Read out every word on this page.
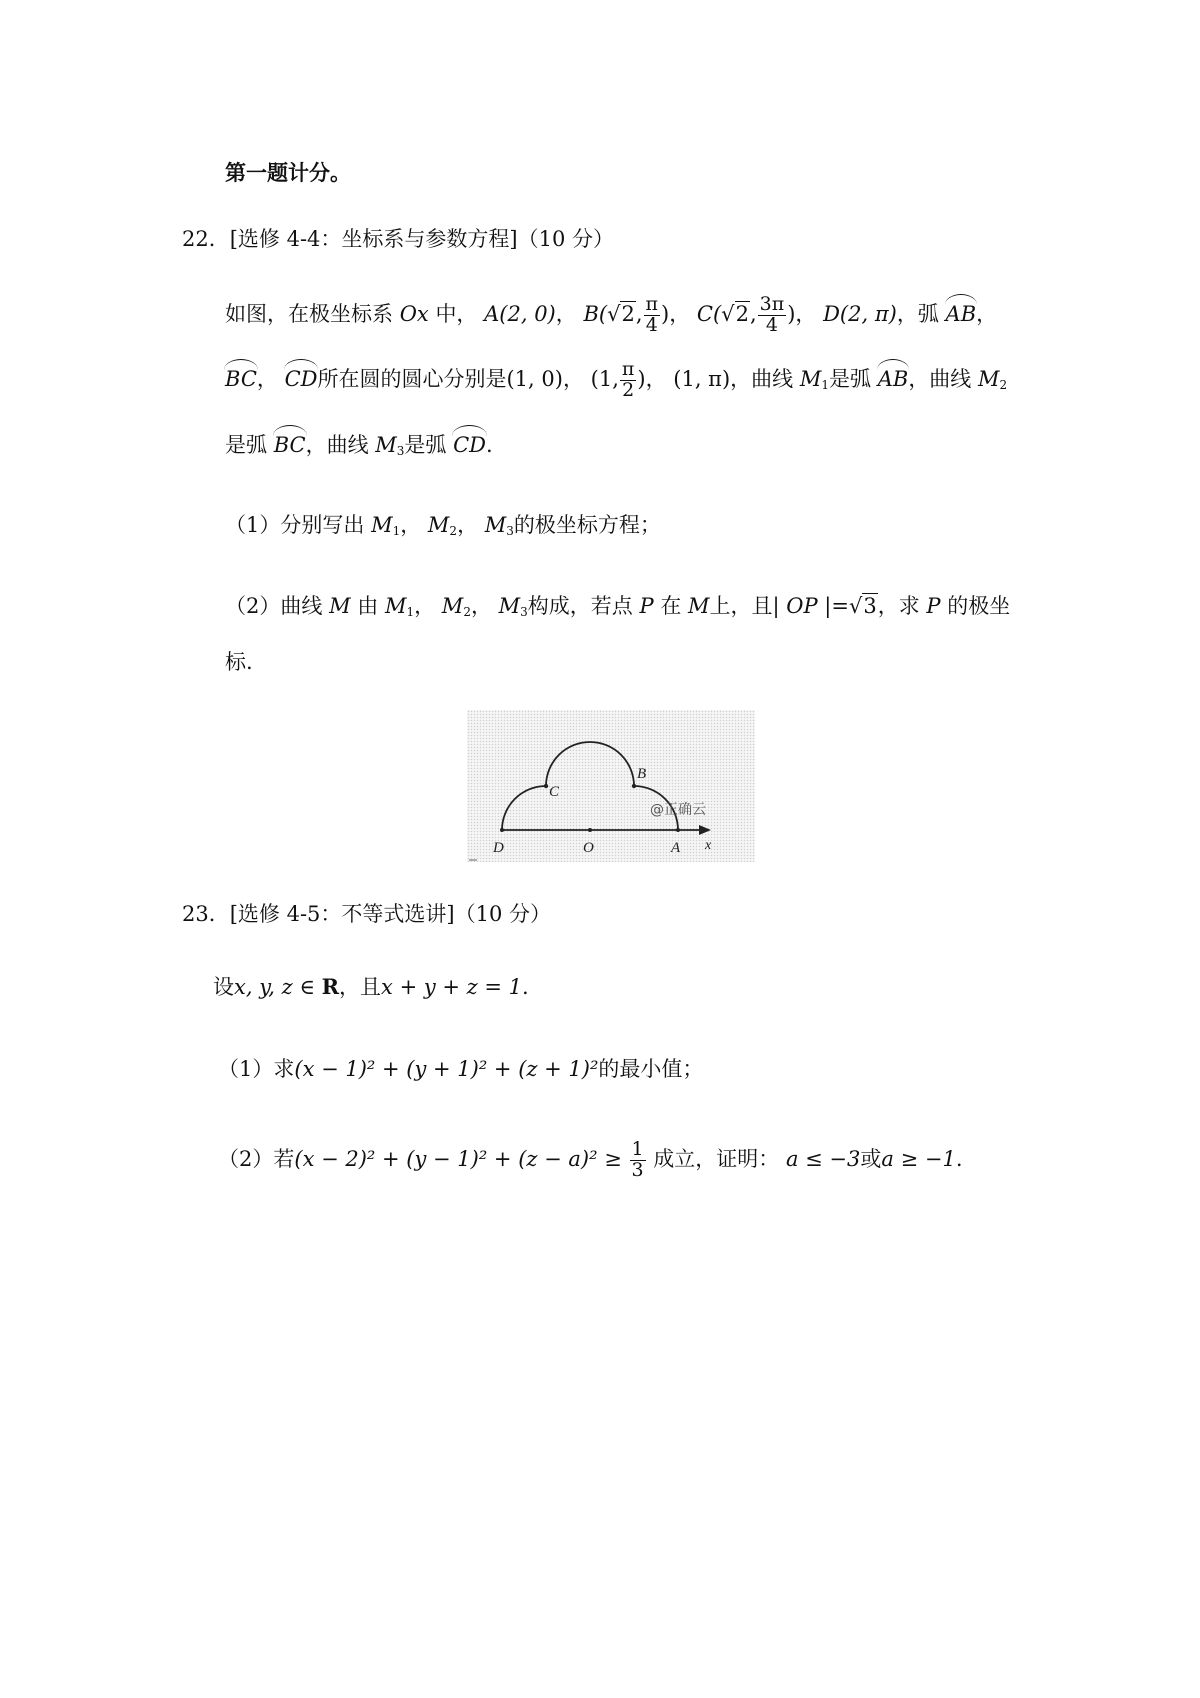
第一题计分。
22．[选修 4-4：坐标系与参数方程]（10 分）
如图，在极坐标系 Ox 中， A(2, 0)， B(√2, $\frac{\pi}{4}$ )， C(√2, $\frac{3\pi}{4}$ )， D(2, π)，弧 AB，
BC， CD所在圆的圆心分别是(1, 0)， (1, $\frac{\pi}{2}$ )， (1, π)，曲线 $M_1$是弧 AB，曲线 $M_2$
是弧 BC，曲线 $M_3$是弧 CD.
（1）分别写出 $M_1$， $M_2$， $M_3$的极坐标方程；
（2）曲线 M 由 $M_1$， $M_2$， $M_3$构成，若点 P 在 M上，且| OP |=√3，求 P 的极坐
标.
D	O	A x
B
C
@正确云
23．[选修 4-5：不等式选讲]（10 分）
设x, y, z ∈ R，且x + y + z = 1.
（1）求(x − 1)² + (y + 1)² + (z + 1)²的最小值；
（2）若$(x - 2)^2 + (y - 1)^2 + (z - a)^2 \ge \frac{1}{3}$ 成立，证明： a ≤ −3或a ≥ −1.
